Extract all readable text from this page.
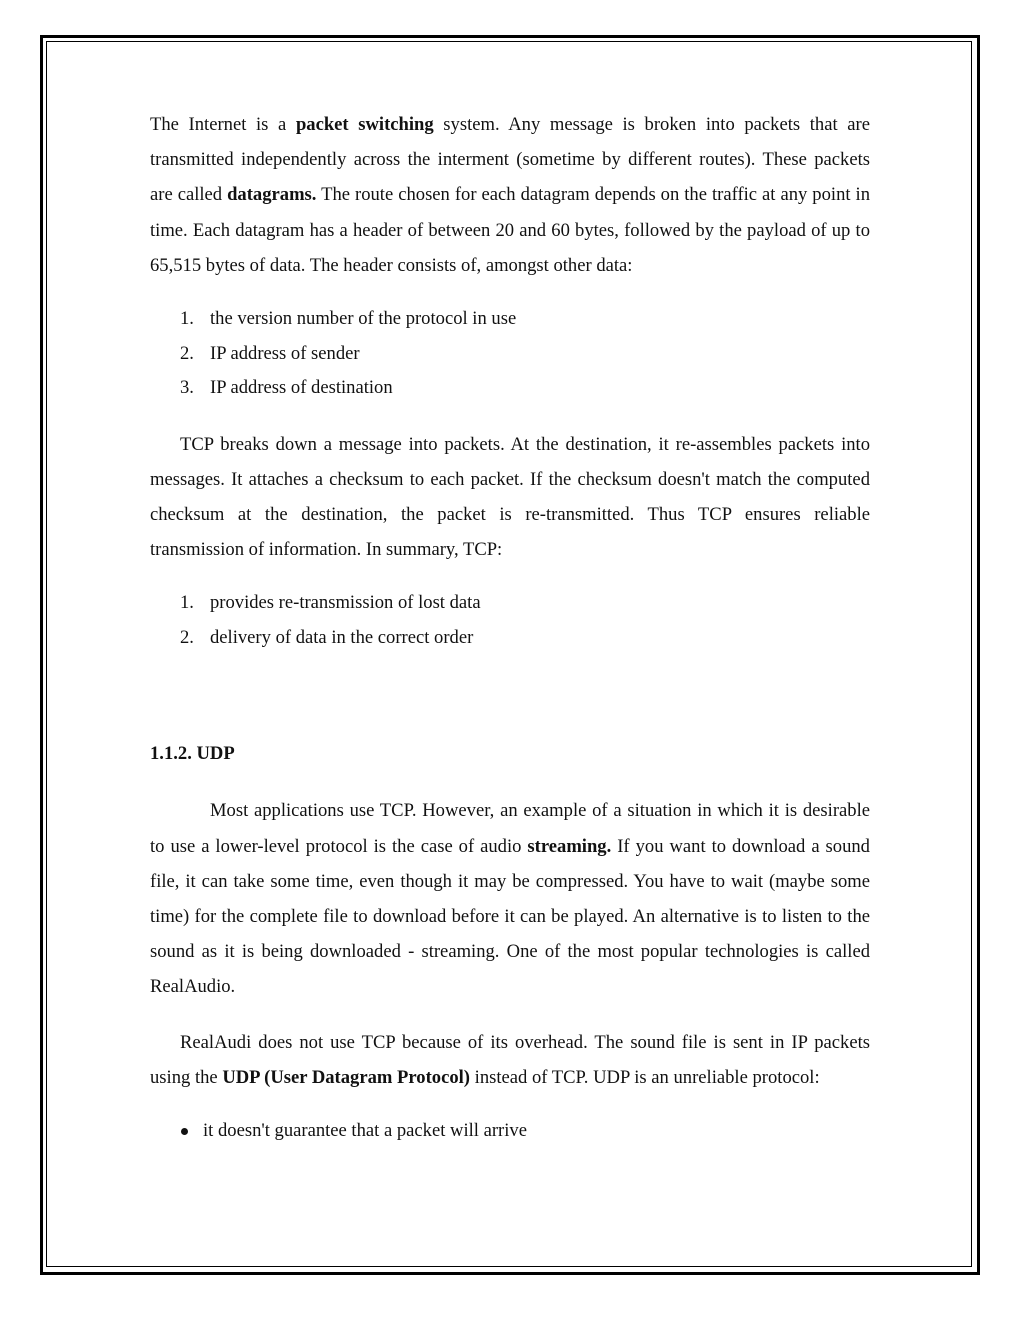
The Internet is a packet switching system. Any message is broken into packets that are transmitted independently across the interment (sometime by different routes). These packets are called datagrams. The route chosen for each datagram depends on the traffic at any point in time. Each datagram has a header of between 20 and 60 bytes, followed by the payload of up to 65,515 bytes of data. The header consists of, amongst other data:

1. the version number of the protocol in use
2. IP address of sender
3. IP address of destination

TCP breaks down a message into packets. At the destination, it re-assembles packets into messages. It attaches a checksum to each packet. If the checksum doesn't match the computed checksum at the destination, the packet is re-transmitted. Thus TCP ensures reliable transmission of information. In summary, TCP:

1. provides re-transmission of lost data
2. delivery of data in the correct order
1.1.2. UDP

Most applications use TCP. However, an example of a situation in which it is desirable to use a lower-level protocol is the case of audio streaming. If you want to download a sound file, it can take some time, even though it may be compressed. You have to wait (maybe some time) for the complete file to download before it can be played. An alternative is to listen to the sound as it is being downloaded - streaming. One of the most popular technologies is called RealAudio.

RealAudi does not use TCP because of its overhead. The sound file is sent in IP packets using the UDP (User Datagram Protocol) instead of TCP. UDP is an unreliable protocol:

it doesn't guarantee that a packet will arrive
